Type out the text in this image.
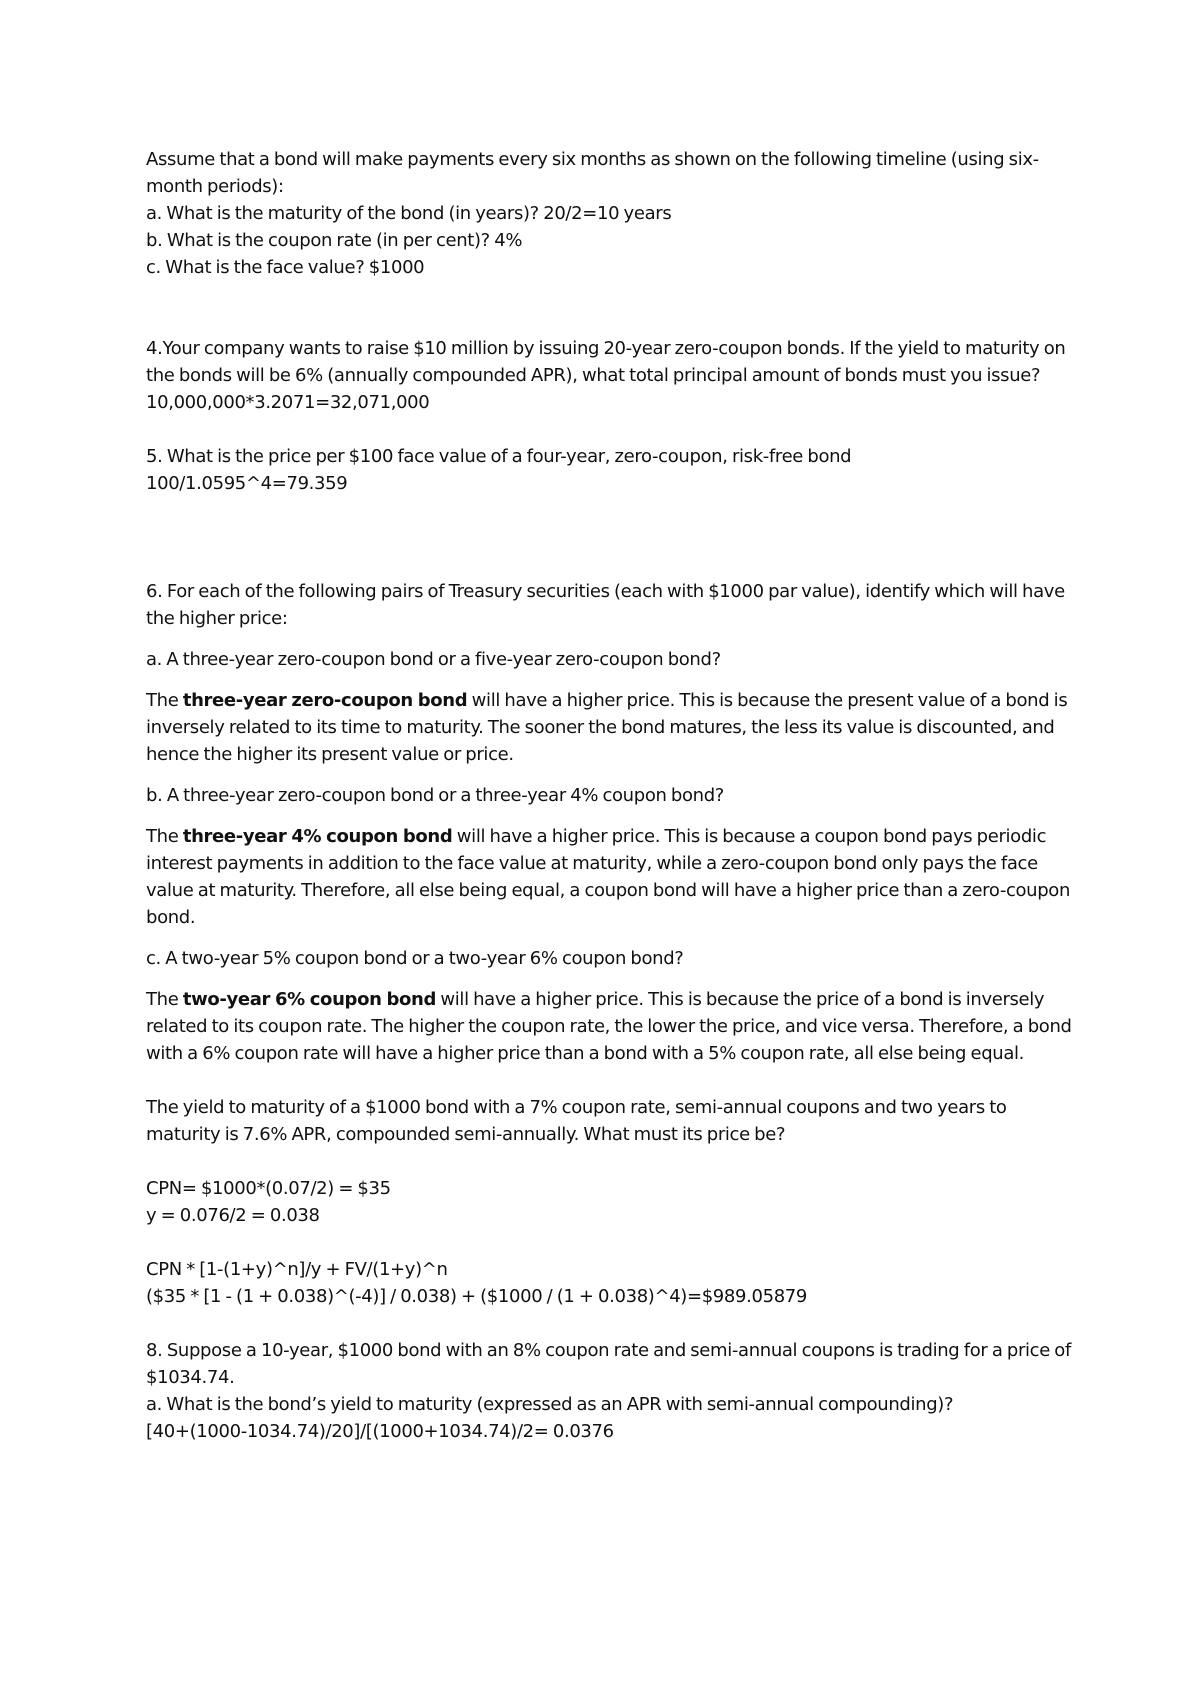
Assume that a bond will make payments every six months as shown on the following timeline (using six-month periods):

a. What is the maturity of the bond (in years)? 20/2=10 years

b. What is the coupon rate (in per cent)? 4%

c. What is the face value? $1000

4.Your company wants to raise $10 million by issuing 20-year zero-coupon bonds. If the yield to maturity on the bonds will be 6% (annually compounded APR), what total principal amount of bonds must you issue?

10,000,000*3.2071=32,071,000

5. What is the price per $100 face value of a four-year, zero-coupon, risk-free bond

100/1.0595^4=79.359

6. For each of the following pairs of Treasury securities (each with $1000 par value), identify which will have the higher price:

a. A three-year zero-coupon bond or a five-year zero-coupon bond?

The three-year zero-coupon bond will have a higher price. This is because the present value of a bond is inversely related to its time to maturity. The sooner the bond matures, the less its value is discounted, and hence the higher its present value or price.

b. A three-year zero-coupon bond or a three-year 4% coupon bond?

The three-year 4% coupon bond will have a higher price. This is because a coupon bond pays periodic interest payments in addition to the face value at maturity, while a zero-coupon bond only pays the face value at maturity. Therefore, all else being equal, a coupon bond will have a higher price than a zero-coupon bond.

c. A two-year 5% coupon bond or a two-year 6% coupon bond?

The two-year 6% coupon bond will have a higher price. This is because the price of a bond is inversely related to its coupon rate. The higher the coupon rate, the lower the price, and vice versa. Therefore, a bond with a 6% coupon rate will have a higher price than a bond with a 5% coupon rate, all else being equal.

The yield to maturity of a $1000 bond with a 7% coupon rate, semi-annual coupons and two years to maturity is 7.6% APR, compounded semi-annually. What must its price be?

CPN= $1000*(0.07/2) = $35

y = 0.076/2 = 0.038

CPN * [1-(1+y)^n]/y + FV/(1+y)^n

($35 * [1 - (1 + 0.038)^(-4)] / 0.038) + ($1000 / (1 + 0.038)^4)=$989.05879

8. Suppose a 10-year, $1000 bond with an 8% coupon rate and semi-annual coupons is trading for a price of $1034.74.

a. What is the bond’s yield to maturity (expressed as an APR with semi-annual compounding)?

[40+(1000-1034.74)/20]/[(1000+1034.74)/2= 0.0376
